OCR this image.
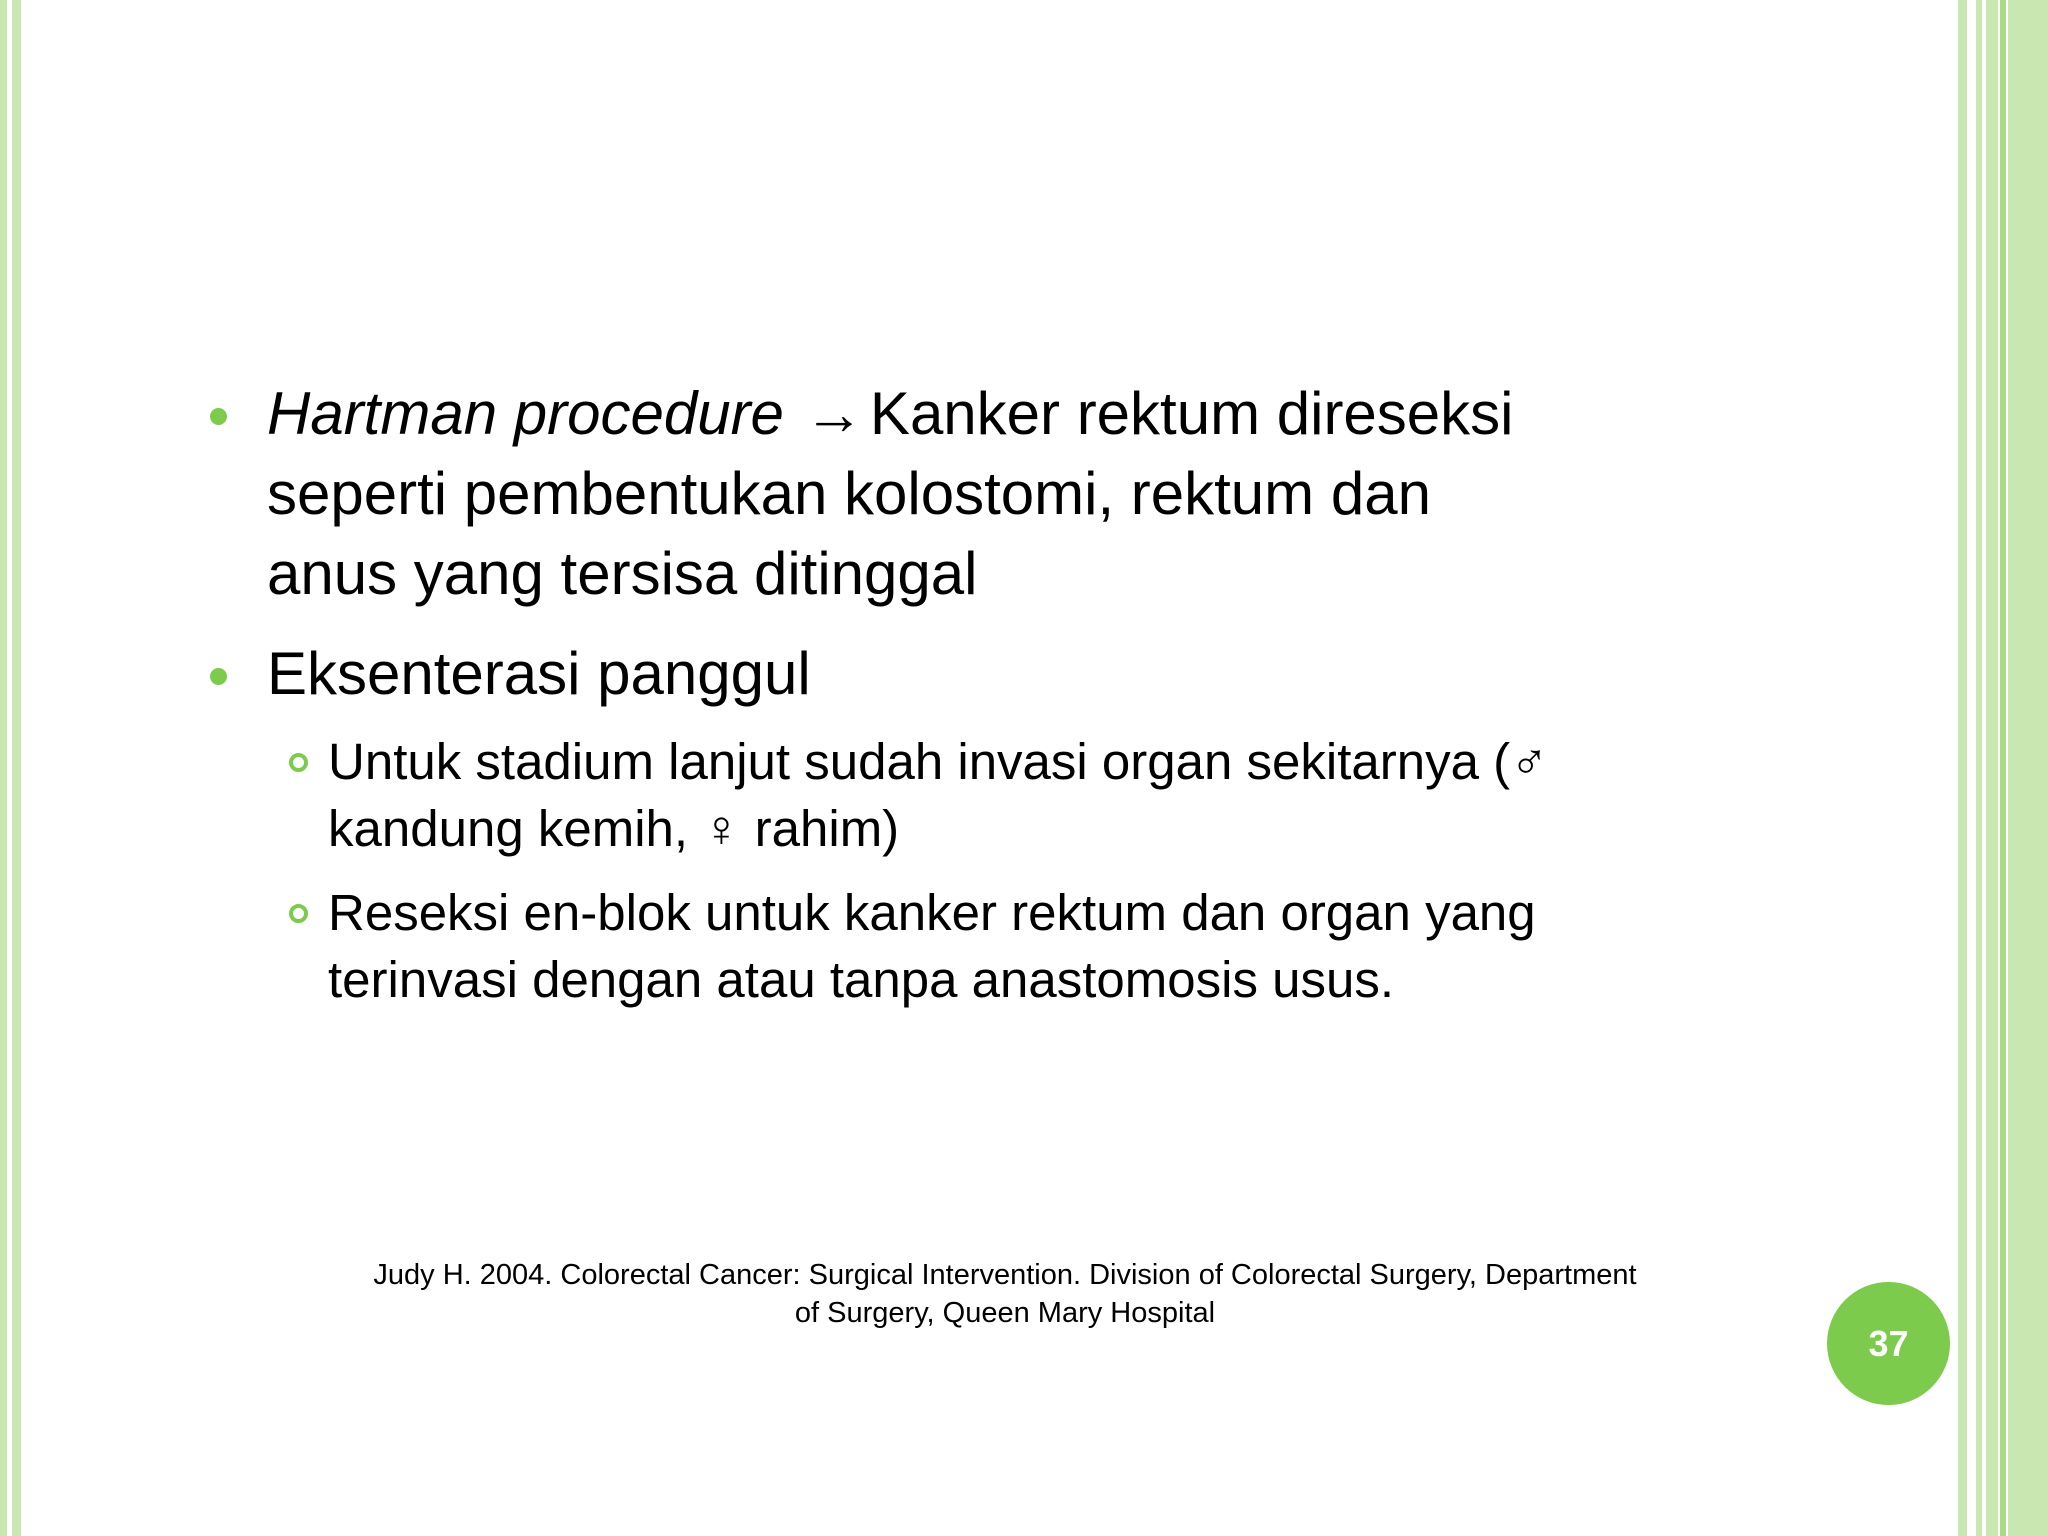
Hartman procedure → Kanker rektum direseksi
seperti pembentukan kolostomi, rektum dan
anus yang tersisa ditinggal
Eksenterasi panggul
Untuk stadium lanjut sudah invasi organ sekitarnya (♂
kandung kemih, ♀ rahim)
Reseksi en-blok untuk kanker rektum dan organ yang
terinvasi dengan atau tanpa anastomosis usus.
Judy H. 2004. Colorectal Cancer: Surgical Intervention. Division of Colorectal Surgery, Department
of Surgery, Queen Mary Hospital
37
